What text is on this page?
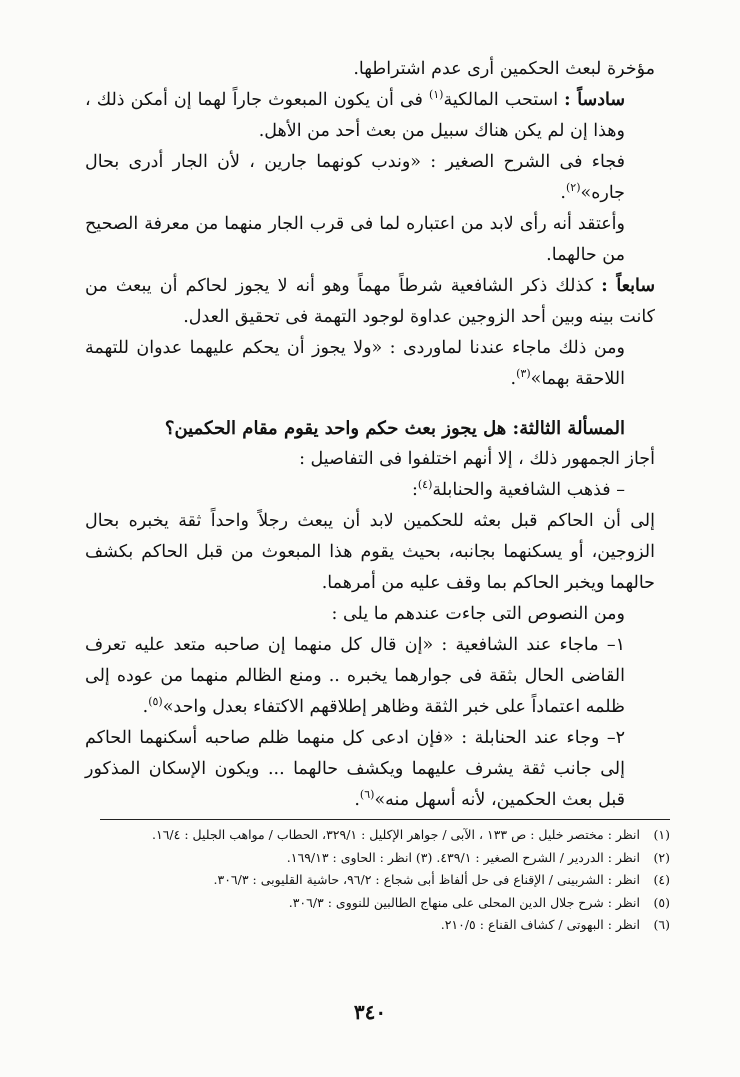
مؤخرة لبعث الحكمين أرى عدم اشتراطها.

سادساً : استحب المالكية$^{(١)}$ فى أن يكون المبعوث جاراً لهما إن أمكن ذلك ، وهذا إن لم يكن هناك سبيل من بعث أحد من الأهل.

فجاء فى الشرح الصغير : «وندب كونهما جارين ، لأن الجار أدرى بحال جاره»$^{(٢)}$.

وأعتقد أنه رأى لابد من اعتباره لما فى قرب الجار منهما من معرفة الصحيح من حالهما.

سابعاً : كذلك ذكر الشافعية شرطاً مهماً وهو أنه لا يجوز لحاكم أن يبعث من كانت بينه وبين أحد الزوجين عداوة لوجود التهمة فى تحقيق العدل.

ومن ذلك ماجاء عندنا لماوردى : «ولا يجوز أن يحكم عليهما عدوان للتهمة اللاحقة بهما»$^{(٣)}$.

المسألة الثالثة: هل يجوز بعث حكم واحد يقوم مقام الحكمين؟

أجاز الجمهور ذلك ، إلا أنهم اختلفوا فى التفاصيل :

– فذهب الشافعية والحنابلة$^{(٤)}$:

إلى أن الحاكم قبل بعثه للحكمين لابد أن يبعث رجلاً واحداً ثقة يخبره بحال الزوجين، أو يسكنهما بجانبه، بحيث يقوم هذا المبعوث من قبل الحاكم بكشف حالهما ويخبر الحاكم بما وقف عليه من أمرهما.

ومن النصوص التى جاءت عندهم ما يلى :

١– ماجاء عند الشافعية : «إن قال كل منهما إن صاحبه متعد عليه تعرف القاضى الحال بثقة فى جوارهما يخبره .. ومنع الظالم منهما من عوده إلى ظلمه اعتماداً على خبر الثقة وظاهر إطلاقهم الاكتفاء بعدل واحد»$^{(٥)}$.

٢– وجاء عند الحنابلة : «فإن ادعى كل منهما ظلم صاحبه أسكنهما الحاكم إلى جانب ثقة يشرف عليهما ويكشف حالهما ... ويكون الإسكان المذكور قبل بعث الحكمين، لأنه أسهل منه»$^{(٦)}$.

(١) انظر : مختصر خليل : ص ١٣٣ ، الآبى / جواهر الإكليل : ٣٢٩/١، الحطاب / مواهب الجليل : ١٦/٤.
(٢) انظر : الدردير / الشرح الصغير : ٤٣٩/١. (٣) انظر : الحاوى : ١٦٩/١٣.
(٤) انظر : الشربينى / الإقناع فى حل ألفاظ أبى شجاع : ٩٦/٢، حاشية القليوبى : ٣٠٦/٣.
(٥) انظر : شرح جلال الدين المحلى على منهاج الطالبين للنووى : ٣٠٦/٣.
(٦) انظر : البهوتى / كشاف القناع : ٢١٠/٥.
٣٤٠
